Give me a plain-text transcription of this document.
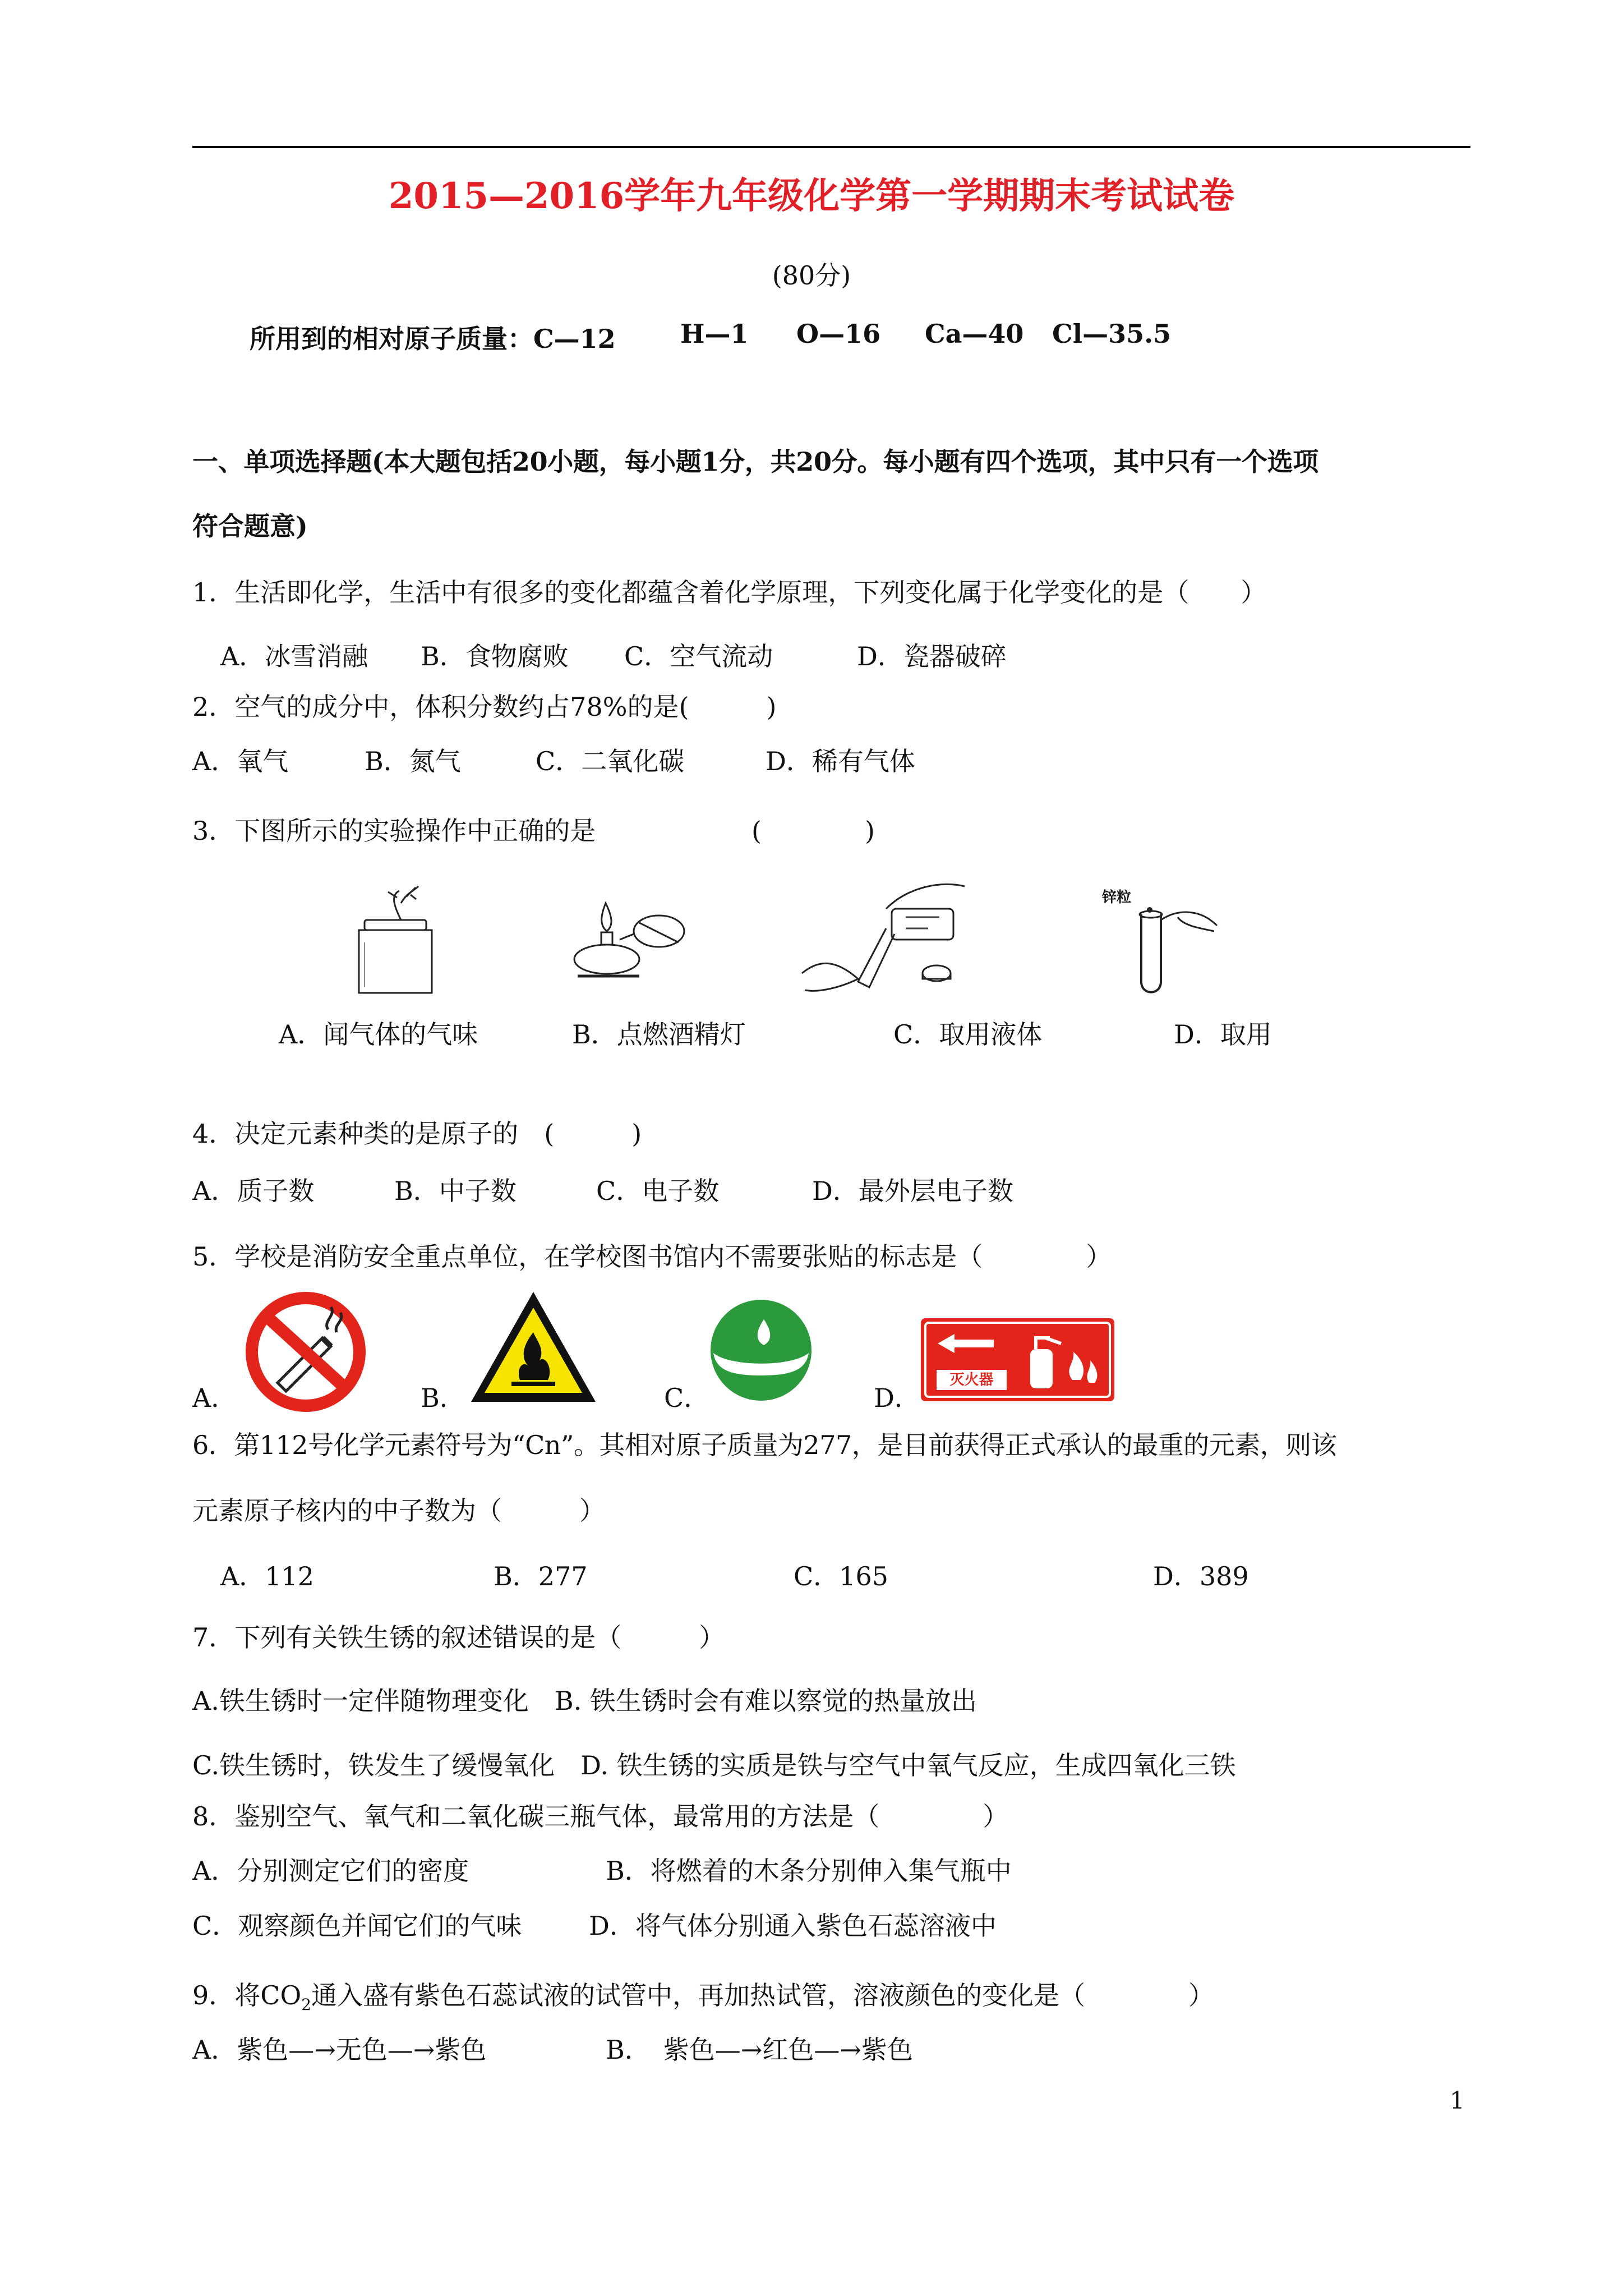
2015—2016学年九年级化学第一学期期末考试试卷
(80分)
所用到的相对原子质量：C—12	H—1 O—16 Ca—40 Cl—35.5
一、单项选择题(本大题包括20小题，每小题1分，共20分。每小题有四个选项，其中只有一个选项
符合题意)
1．生活即化学，生活中有很多的变化都蕴含着化学原理，下列变化属于化学变化的是（　　）
A．冰雪消融 B．食物腐败 C．空气流动	D．瓷器破碎
2．空气的成分中，体积分数约占78%的是(　　　)
A．氧气	B．氮气	C．二氧化碳	D．稀有气体
3．下图所示的实验操作中正确的是	(　　　　)
锌粒
A．闻气体的气味	B．点燃酒精灯	C．取用液体	D．取用
4．决定元素种类的是原子的　(　　　)
A．质子数	B．中子数	C．电子数	D．最外层电子数
5．学校是消防安全重点单位，在学校图书馆内不需要张贴的标志是（　　　　）
A．	B．	C．	D．
灭火器
6．第112号化学元素符号为“Cn”。其相对原子质量为277，是目前获得正式承认的最重的元素，则该
元素原子核内的中子数为（　　　）
A．112	B．277	C．165	D．389
7．下列有关铁生锈的叙述错误的是（　　　）
A.铁生锈时一定伴随物理变化　B. 铁生锈时会有难以察觉的热量放出
C.铁生锈时，铁发生了缓慢氧化　D. 铁生锈的实质是铁与空气中氧气反应，生成四氧化三铁
8．鉴别空气、氧气和二氧化碳三瓶气体，最常用的方法是（　　　　）
A．分别测定它们的密度	B．将燃着的木条分别伸入集气瓶中
C．观察颜色并闻它们的气味	D．将气体分别通入紫色石蕊溶液中
9．将$CO_2$通入盛有紫色石蕊试液的试管中，再加热试管，溶液颜色的变化是（　　　　）
A．紫色—→无色—→紫色	B．　紫色—→红色—→紫色
1
